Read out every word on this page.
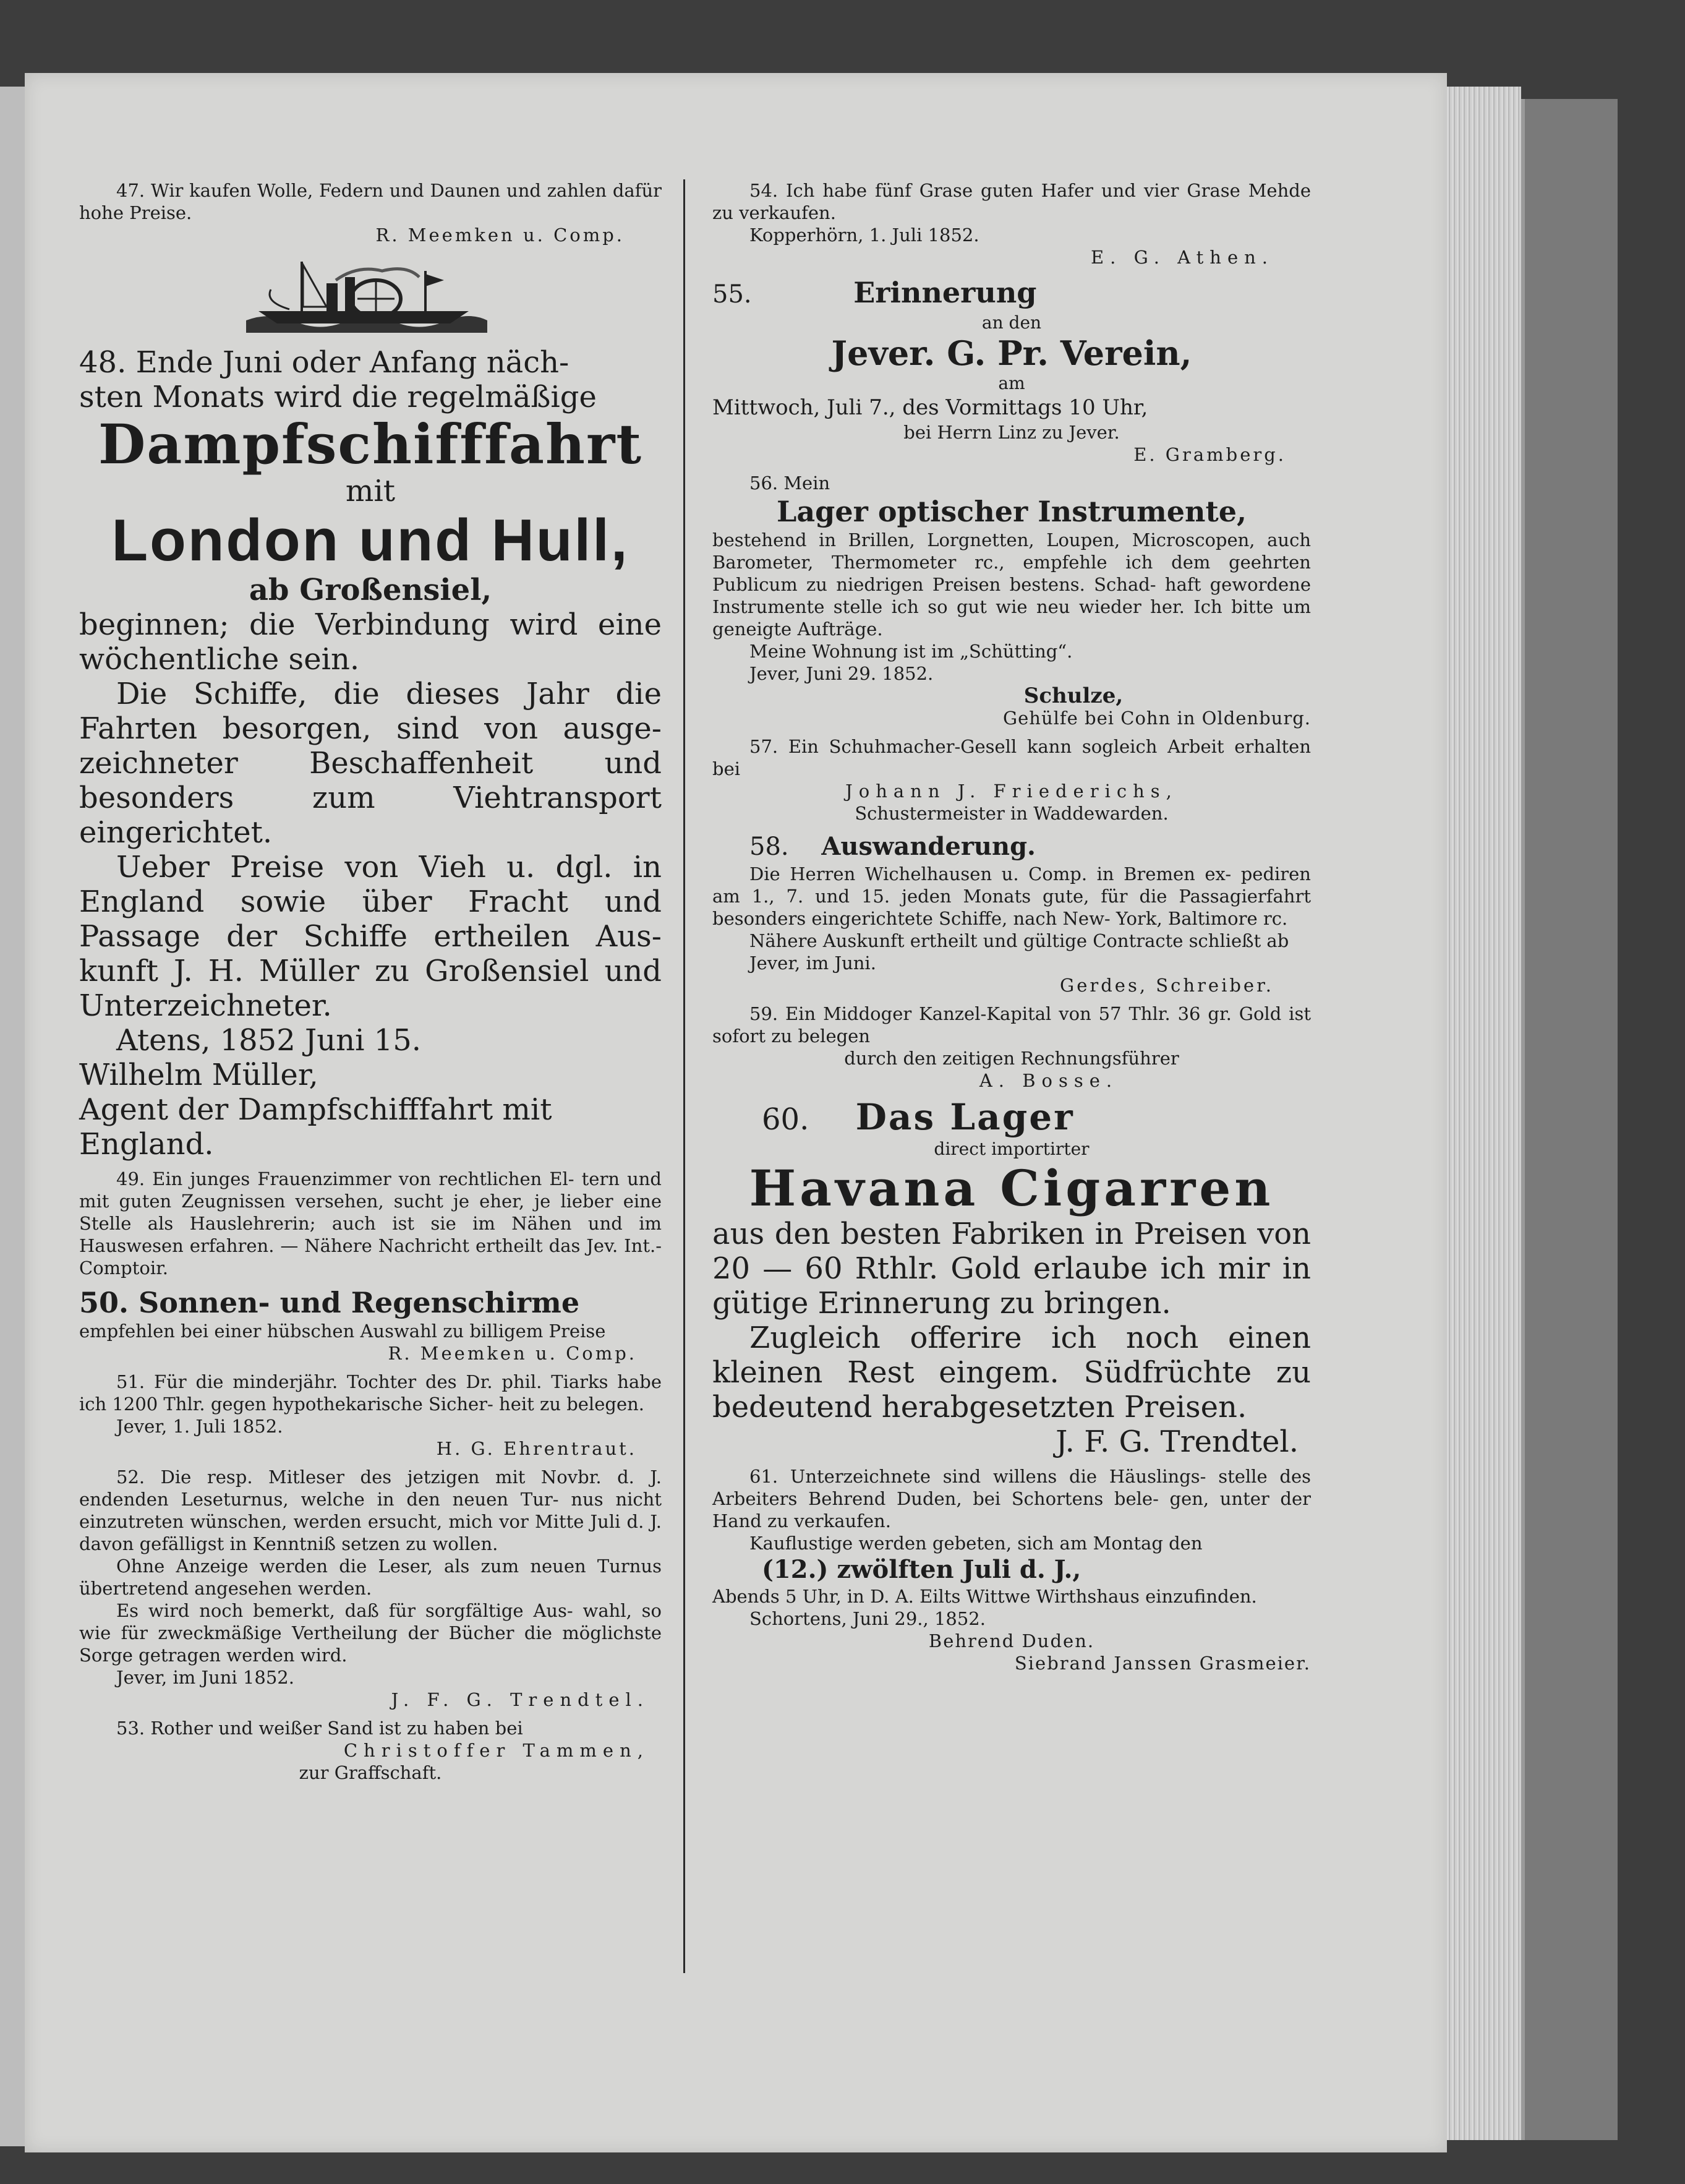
47. Wir kaufen Wolle, Federn und Daunen und zahlen dafür hohe Preise.

R. Meemken u. Comp.

48. Ende Juni oder Anfang näch-

sten Monats wird die regelmäßige

Dampfschifffahrt

mit

London und Hull,

ab Großensiel,

beginnen; die Verbindung wird eine wöchentliche sein.

Die Schiffe, die dieses Jahr die Fahrten besorgen, sind von ausge- zeichneter Beschaffenheit und besonders zum Viehtransport eingerichtet.

Ueber Preise von Vieh u. dgl. in England sowie über Fracht und Passage der Schiffe ertheilen Aus- kunft J. H. Müller zu Großensiel und Unterzeichneter.

Atens, 1852 Juni 15.

Wilhelm Müller,

Agent der Dampfschifffahrt mit

England.

49. Ein junges Frauenzimmer von rechtlichen El- tern und mit guten Zeugnissen versehen, sucht je eher, je lieber eine Stelle als Hauslehrerin; auch ist sie im Nähen und im Hauswesen erfahren. — Nähere Nachricht ertheilt das Jev. Int.-Comptoir.

50. Sonnen- und Regenschirme

empfehlen bei einer hübschen Auswahl zu billigem Preise

R. Meemken u. Comp.

51. Für die minderjähr. Tochter des Dr. phil. Tiarks habe ich 1200 Thlr. gegen hypothekarische Sicher- heit zu belegen.

Jever, 1. Juli 1852.

H. G. Ehrentraut.

52. Die resp. Mitleser des jetzigen mit Novbr. d. J. endenden Leseturnus, welche in den neuen Tur- nus nicht einzutreten wünschen, werden ersucht, mich vor Mitte Juli d. J. davon gefälligst in Kenntniß setzen zu wollen.

Ohne Anzeige werden die Leser, als zum neuen Turnus übertretend angesehen werden.

Es wird noch bemerkt, daß für sorgfältige Aus- wahl, so wie für zweckmäßige Vertheilung der Bücher die möglichste Sorge getragen werden wird.

Jever, im Juni 1852.

J. F. G. Trendtel.

53. Rother und weißer Sand ist zu haben bei

Christoffer Tammen,

zur Graffschaft.

54. Ich habe fünf Grase guten Hafer und vier Grase Mehde zu verkaufen.

Kopperhörn, 1. Juli 1852.

E. G. Athen.

55.	Erinnerung

an den

Jever. G. Pr. Verein,

am

Mittwoch, Juli 7., des Vormittags 10 Uhr,

bei Herrn Linz zu Jever.

E. Gramberg.

56. Mein

Lager optischer Instrumente,

bestehend in Brillen, Lorgnetten, Loupen, Microscopen, auch Barometer, Thermometer rc., empfehle ich dem geehrten Publicum zu niedrigen Preisen bestens. Schad- haft gewordene Instrumente stelle ich so gut wie neu wieder her. Ich bitte um geneigte Aufträge.

Meine Wohnung ist im „Schütting“.

Jever, Juni 29. 1852.

Schulze,

Gehülfe bei Cohn in Oldenburg.

57. Ein Schuhmacher-Gesell kann sogleich Arbeit erhalten bei

Johann J. Friederichs,

Schustermeister in Waddewarden.

58. Auswanderung.

Die Herren Wichelhausen u. Comp. in Bremen ex- pediren am 1., 7. und 15. jeden Monats gute, für die Passagierfahrt besonders eingerichtete Schiffe, nach New- York, Baltimore rc.

Nähere Auskunft ertheilt und gültige Contracte schließt ab

Jever, im Juni.

Gerdes, Schreiber.

59. Ein Middoger Kanzel-Kapital von 57 Thlr. 36 gr. Gold ist sofort zu belegen

durch den zeitigen Rechnungsführer

A. Bosse.

60. Das Lager

direct importirter

Havana Cigarren

aus den besten Fabriken in Preisen von 20 — 60 Rthlr. Gold erlaube ich mir in gütige Erinnerung zu bringen.

Zugleich offerire ich noch einen kleinen Rest eingem. Südfrüchte zu bedeutend herabgesetzten Preisen.

J. F. G. Trendtel.

61. Unterzeichnete sind willens die Häuslings- stelle des Arbeiters Behrend Duden, bei Schortens bele- gen, unter der Hand zu verkaufen.

Kauflustige werden gebeten, sich am Montag den

(12.) zwölften Juli d. J.,

Abends 5 Uhr, in D. A. Eilts Wittwe Wirthshaus einzufinden.

Schortens, Juni 29., 1852.

Behrend Duden.

Siebrand Janssen Grasmeier.
